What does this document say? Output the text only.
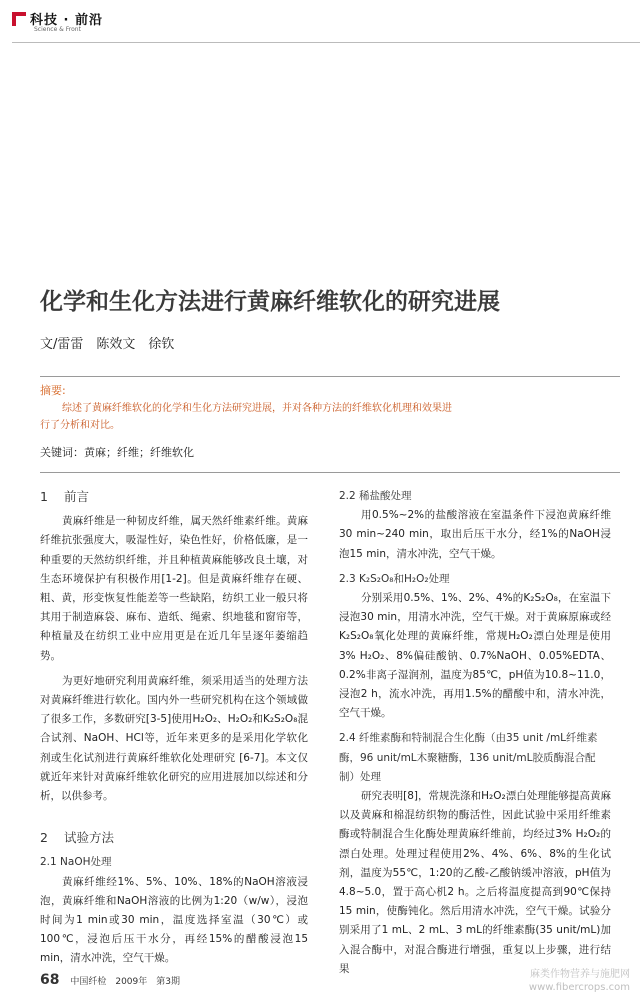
科技 · 前沿
Science & Front
化学和生化方法进行黄麻纤维软化的研究进展
文/雷雷　陈效文　徐钦
摘要:
综述了黄麻纤维软化的化学和生化方法研究进展，并对各种方法的纤维软化机理和效果进行了分析和对比。
关键词：黄麻；纤维；纤维软化
1 前言

黄麻纤维是一种韧皮纤维，属天然纤维素纤维。黄麻纤维抗张强度大，吸湿性好，染色性好，价格低廉，是一种重要的天然纺织纤维，并且种植黄麻能够改良土壤，对生态环境保护有积极作用[1-2]。但是黄麻纤维存在硬、粗、黄，形变恢复性能差等一些缺陷，纺织工业一般只将其用于制造麻袋、麻布、造纸、绳索、织地毯和窗帘等，种植量及在纺织工业中应用更是在近几年呈逐年萎缩趋势。

为更好地研究利用黄麻纤维，须采用适当的处理方法对黄麻纤维进行软化。国内外一些研究机构在这个领域做了很多工作，多数研究[3-5]使用H₂O₂、H₂O₂和K₂S₂O₈混合试剂、NaOH、HCl等，近年来更多的是采用化学软化剂或生化试剂进行黄麻纤维软化处理研究 [6-7]。本文仅就近年来针对黄麻纤维软化研究的应用进展加以综述和分析，以供参考。

2 试验方法
2.1 NaOH处理

黄麻纤维经1%、5%、10%、18%的NaOH溶液浸泡，黄麻纤维和NaOH溶液的比例为1:20（w/w），浸泡时间为1 min或30 min，温度选择室温（30℃）或100℃，浸泡后压干水分，再经15%的醋酸浸泡15 min，清水冲洗，空气干燥。

2.2 稀盐酸处理

用0.5%~2%的盐酸溶液在室温条件下浸泡黄麻纤维30 min~240 min，取出后压干水分，经1%的NaOH浸泡15 min，清水冲洗，空气干燥。

2.3 K₂S₂O₈和H₂O₂处理

分别采用0.5%、1%、2%、4%的K₂S₂O₈，在室温下浸泡30 min，用清水冲洗，空气干燥。对于黄麻原麻或经K₂S₂O₈氧化处理的黄麻纤维，常规H₂O₂漂白处理是使用3% H₂O₂、8%偏硅酸钠、0.7%NaOH、0.05%EDTA、0.2%非离子湿润剂，温度为85℃，pH值为10.8~11.0，浸泡2 h，流水冲洗，再用1.5%的醋酸中和，清水冲洗，空气干燥。

2.4 纤维素酶和特制混合生化酶（由35 unit /mL纤维素酶，96 unit/mL木聚糖酶，136 unit/mL胶质酶混合配制）处理

研究表明[8]，常规洗涤和H₂O₂漂白处理能够提高黄麻以及黄麻和棉混纺织物的酶活性，因此试验中采用纤维素酶或特制混合生化酶处理黄麻纤维前，均经过3% H₂O₂的漂白处理。处理过程使用2%、4%、6%、8%的生化试剂，温度为55℃，1:20的乙酸-乙酸钠缓冲溶液，pH值为4.8~5.0，置于高心机2 h。之后将温度提高到90℃保持15 min，使酶钝化。然后用清水冲洗，空气干燥。试验分别采用了1 mL、2 mL、3 mL的纤维素酶(35 unit/mL)加入混合酶中，对混合酶进行增强，重复以上步骤，进行结果

68 中国纤检　2009年　第3期
麻类作物营养与施肥网
www.fibercrops.com
